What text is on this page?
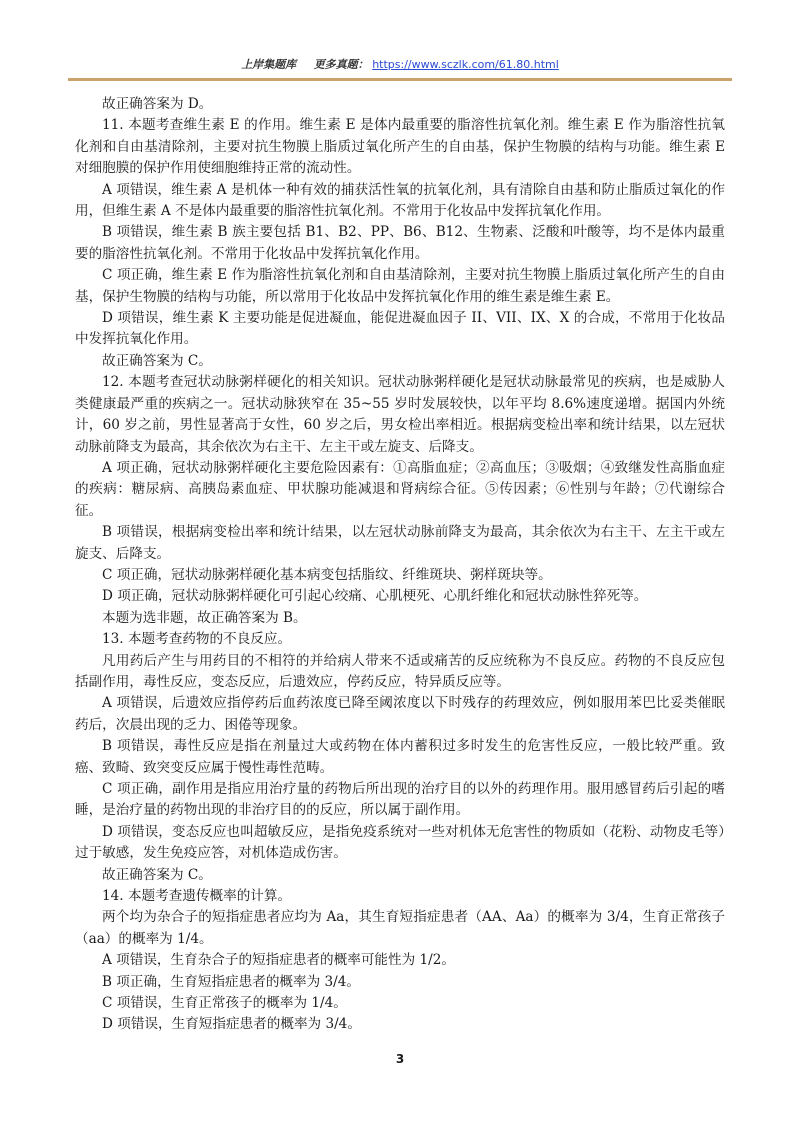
上岸集题库 更多真题： https://www.sczlk.com/61.80.html

故正确答案为 D。

11. 本题考查维生素 E 的作用。维生素 E 是体内最重要的脂溶性抗氧化剂。维生素 E 作为脂溶性抗氧化剂和自由基清除剂，主要对抗生物膜上脂质过氧化所产生的自由基，保护生物膜的结构与功能。维生素 E 对细胞膜的保护作用使细胞维持正常的流动性。

A 项错误，维生素 A 是机体一种有效的捕获活性氧的抗氧化剂，具有清除自由基和防止脂质过氧化的作用，但维生素 A 不是体内最重要的脂溶性抗氧化剂。不常用于化妆品中发挥抗氧化作用。

B 项错误，维生素 B 族主要包括 B1、B2、PP、B6、B12、生物素、泛酸和叶酸等，均不是体内最重要的脂溶性抗氧化剂。不常用于化妆品中发挥抗氧化作用。

C 项正确，维生素 E 作为脂溶性抗氧化剂和自由基清除剂，主要对抗生物膜上脂质过氧化所产生的自由基，保护生物膜的结构与功能，所以常用于化妆品中发挥抗氧化作用的维生素是维生素 E。

D 项错误，维生素 K 主要功能是促进凝血，能促进凝血因子 II、VII、IX、X 的合成，不常用于化妆品中发挥抗氧化作用。

故正确答案为 C。

12. 本题考查冠状动脉粥样硬化的相关知识。冠状动脉粥样硬化是冠状动脉最常见的疾病，也是威胁人类健康最严重的疾病之一。冠状动脉狭窄在 35~55 岁时发展较快，以年平均 8.6%速度递增。据国内外统计，60 岁之前，男性显著高于女性，60 岁之后，男女检出率相近。根据病变检出率和统计结果，以左冠状动脉前降支为最高，其余依次为右主干、左主干或左旋支、后降支。

A 项正确，冠状动脉粥样硬化主要危险因素有：①高脂血症；②高血压；③吸烟；④致继发性高脂血症的疾病：糖尿病、高胰岛素血症、甲状腺功能减退和肾病综合征。⑤传因素；⑥性别与年龄；⑦代谢综合征。

B 项错误，根据病变检出率和统计结果，以左冠状动脉前降支为最高，其余依次为右主干、左主干或左旋支、后降支。

C 项正确，冠状动脉粥样硬化基本病变包括脂纹、纤维斑块、粥样斑块等。

D 项正确，冠状动脉粥样硬化可引起心绞痛、心肌梗死、心肌纤维化和冠状动脉性猝死等。

本题为选非题，故正确答案为 B。

13. 本题考查药物的不良反应。

凡用药后产生与用药目的不相符的并给病人带来不适或痛苦的反应统称为不良反应。药物的不良反应包括副作用，毒性反应，变态反应，后遗效应，停药反应，特异质反应等。

A 项错误，后遗效应指停药后血药浓度已降至阈浓度以下时残存的药理效应，例如服用苯巴比妥类催眠药后，次晨出现的乏力、困倦等现象。

B 项错误，毒性反应是指在剂量过大或药物在体内蓄积过多时发生的危害性反应，一般比较严重。致癌、致畸、致突变反应属于慢性毒性范畴。

C 项正确，副作用是指应用治疗量的药物后所出现的治疗目的以外的药理作用。服用感冒药后引起的嗜睡，是治疗量的药物出现的非治疗目的的反应，所以属于副作用。

D 项错误，变态反应也叫超敏反应，是指免疫系统对一些对机体无危害性的物质如（花粉、动物皮毛等）过于敏感，发生免疫应答，对机体造成伤害。

故正确答案为 C。

14. 本题考查遗传概率的计算。

两个均为杂合子的短指症患者应均为 Aa，其生育短指症患者（AA、Aa）的概率为 3/4，生育正常孩子（aa）的概率为 1/4。

A 项错误，生育杂合子的短指症患者的概率可能性为 1/2。

B 项正确，生育短指症患者的概率为 3/4。

C 项错误，生育正常孩子的概率为 1/4。

D 项错误，生育短指症患者的概率为 3/4。

3
